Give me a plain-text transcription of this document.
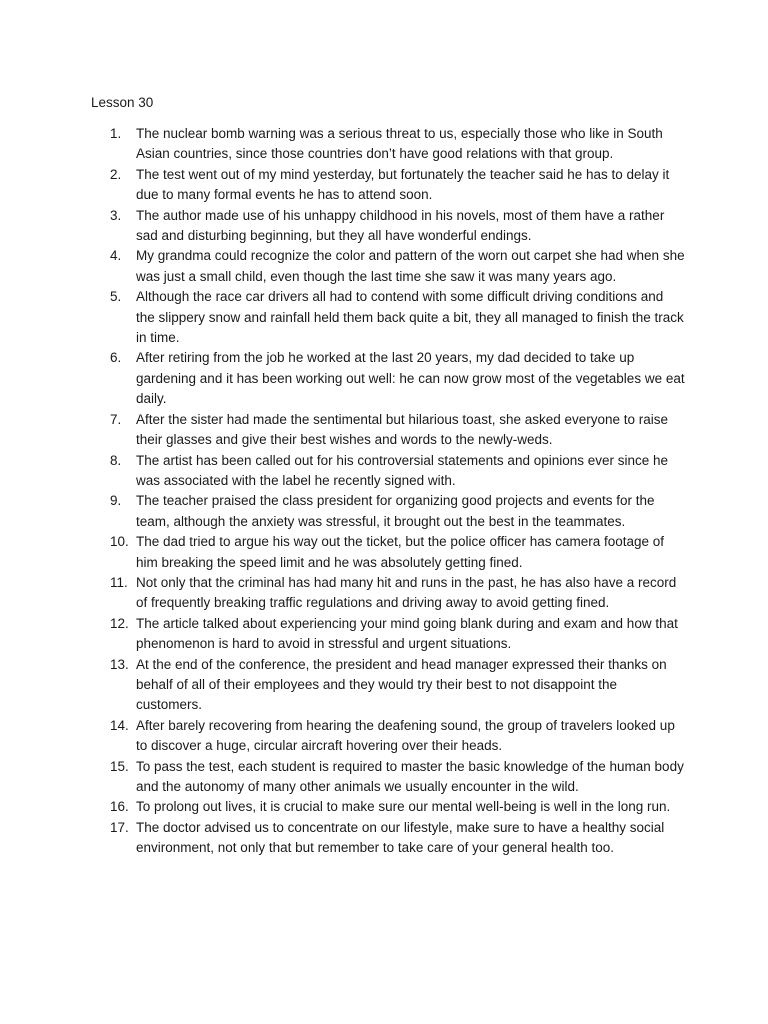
Lesson 30
1.	The nuclear bomb warning was a serious threat to us, especially those who like in South Asian countries, since those countries don’t have good relations with that group.
2.	The test went out of my mind yesterday, but fortunately the teacher said he has to delay it due to many formal events he has to attend soon.
3.	The author made use of his unhappy childhood in his novels, most of them have a rather sad and disturbing beginning, but they all have wonderful endings.
4.	My grandma could recognize the color and pattern of the worn out carpet she had when she was just a small child, even though the last time she saw it was many years ago.
5.	Although the race car drivers all had to contend with some difficult driving conditions and the slippery snow and rainfall held them back quite a bit, they all managed to finish the track in time.
6.	After retiring from the job he worked at the last 20 years, my dad decided to take up gardening and it has been working out well: he can now grow most of the vegetables we eat daily.
7.	After the sister had made the sentimental but hilarious toast, she asked everyone to raise their glasses and give their best wishes and words to the newly-weds.
8.	The artist has been called out for his controversial statements and opinions ever since he was associated with the label he recently signed with.
9.	The teacher praised the class president for organizing good projects and events for the team, although the anxiety was stressful, it brought out the best in the teammates.
10. The dad tried to argue his way out the ticket, but the police officer has camera footage of him breaking the speed limit and he was absolutely getting fined.
11. Not only that the criminal has had many hit and runs in the past, he has also have a record of frequently breaking traffic regulations and driving away to avoid getting fined.
12. The article talked about experiencing your mind going blank during and exam and how that phenomenon is hard to avoid in stressful and urgent situations.
13. At the end of the conference, the president and head manager expressed their thanks on behalf of all of their employees and they would try their best to not disappoint the customers.
14. After barely recovering from hearing the deafening sound, the group of travelers looked up to discover a huge, circular aircraft hovering over their heads.
15. To pass the test, each student is required to master the basic knowledge of the human body and the autonomy of many other animals we usually encounter in the wild.
16. To prolong out lives, it is crucial to make sure our mental well-being is well in the long run.
17. The doctor advised us to concentrate on our lifestyle, make sure to have a healthy social environment, not only that but remember to take care of your general health too.
